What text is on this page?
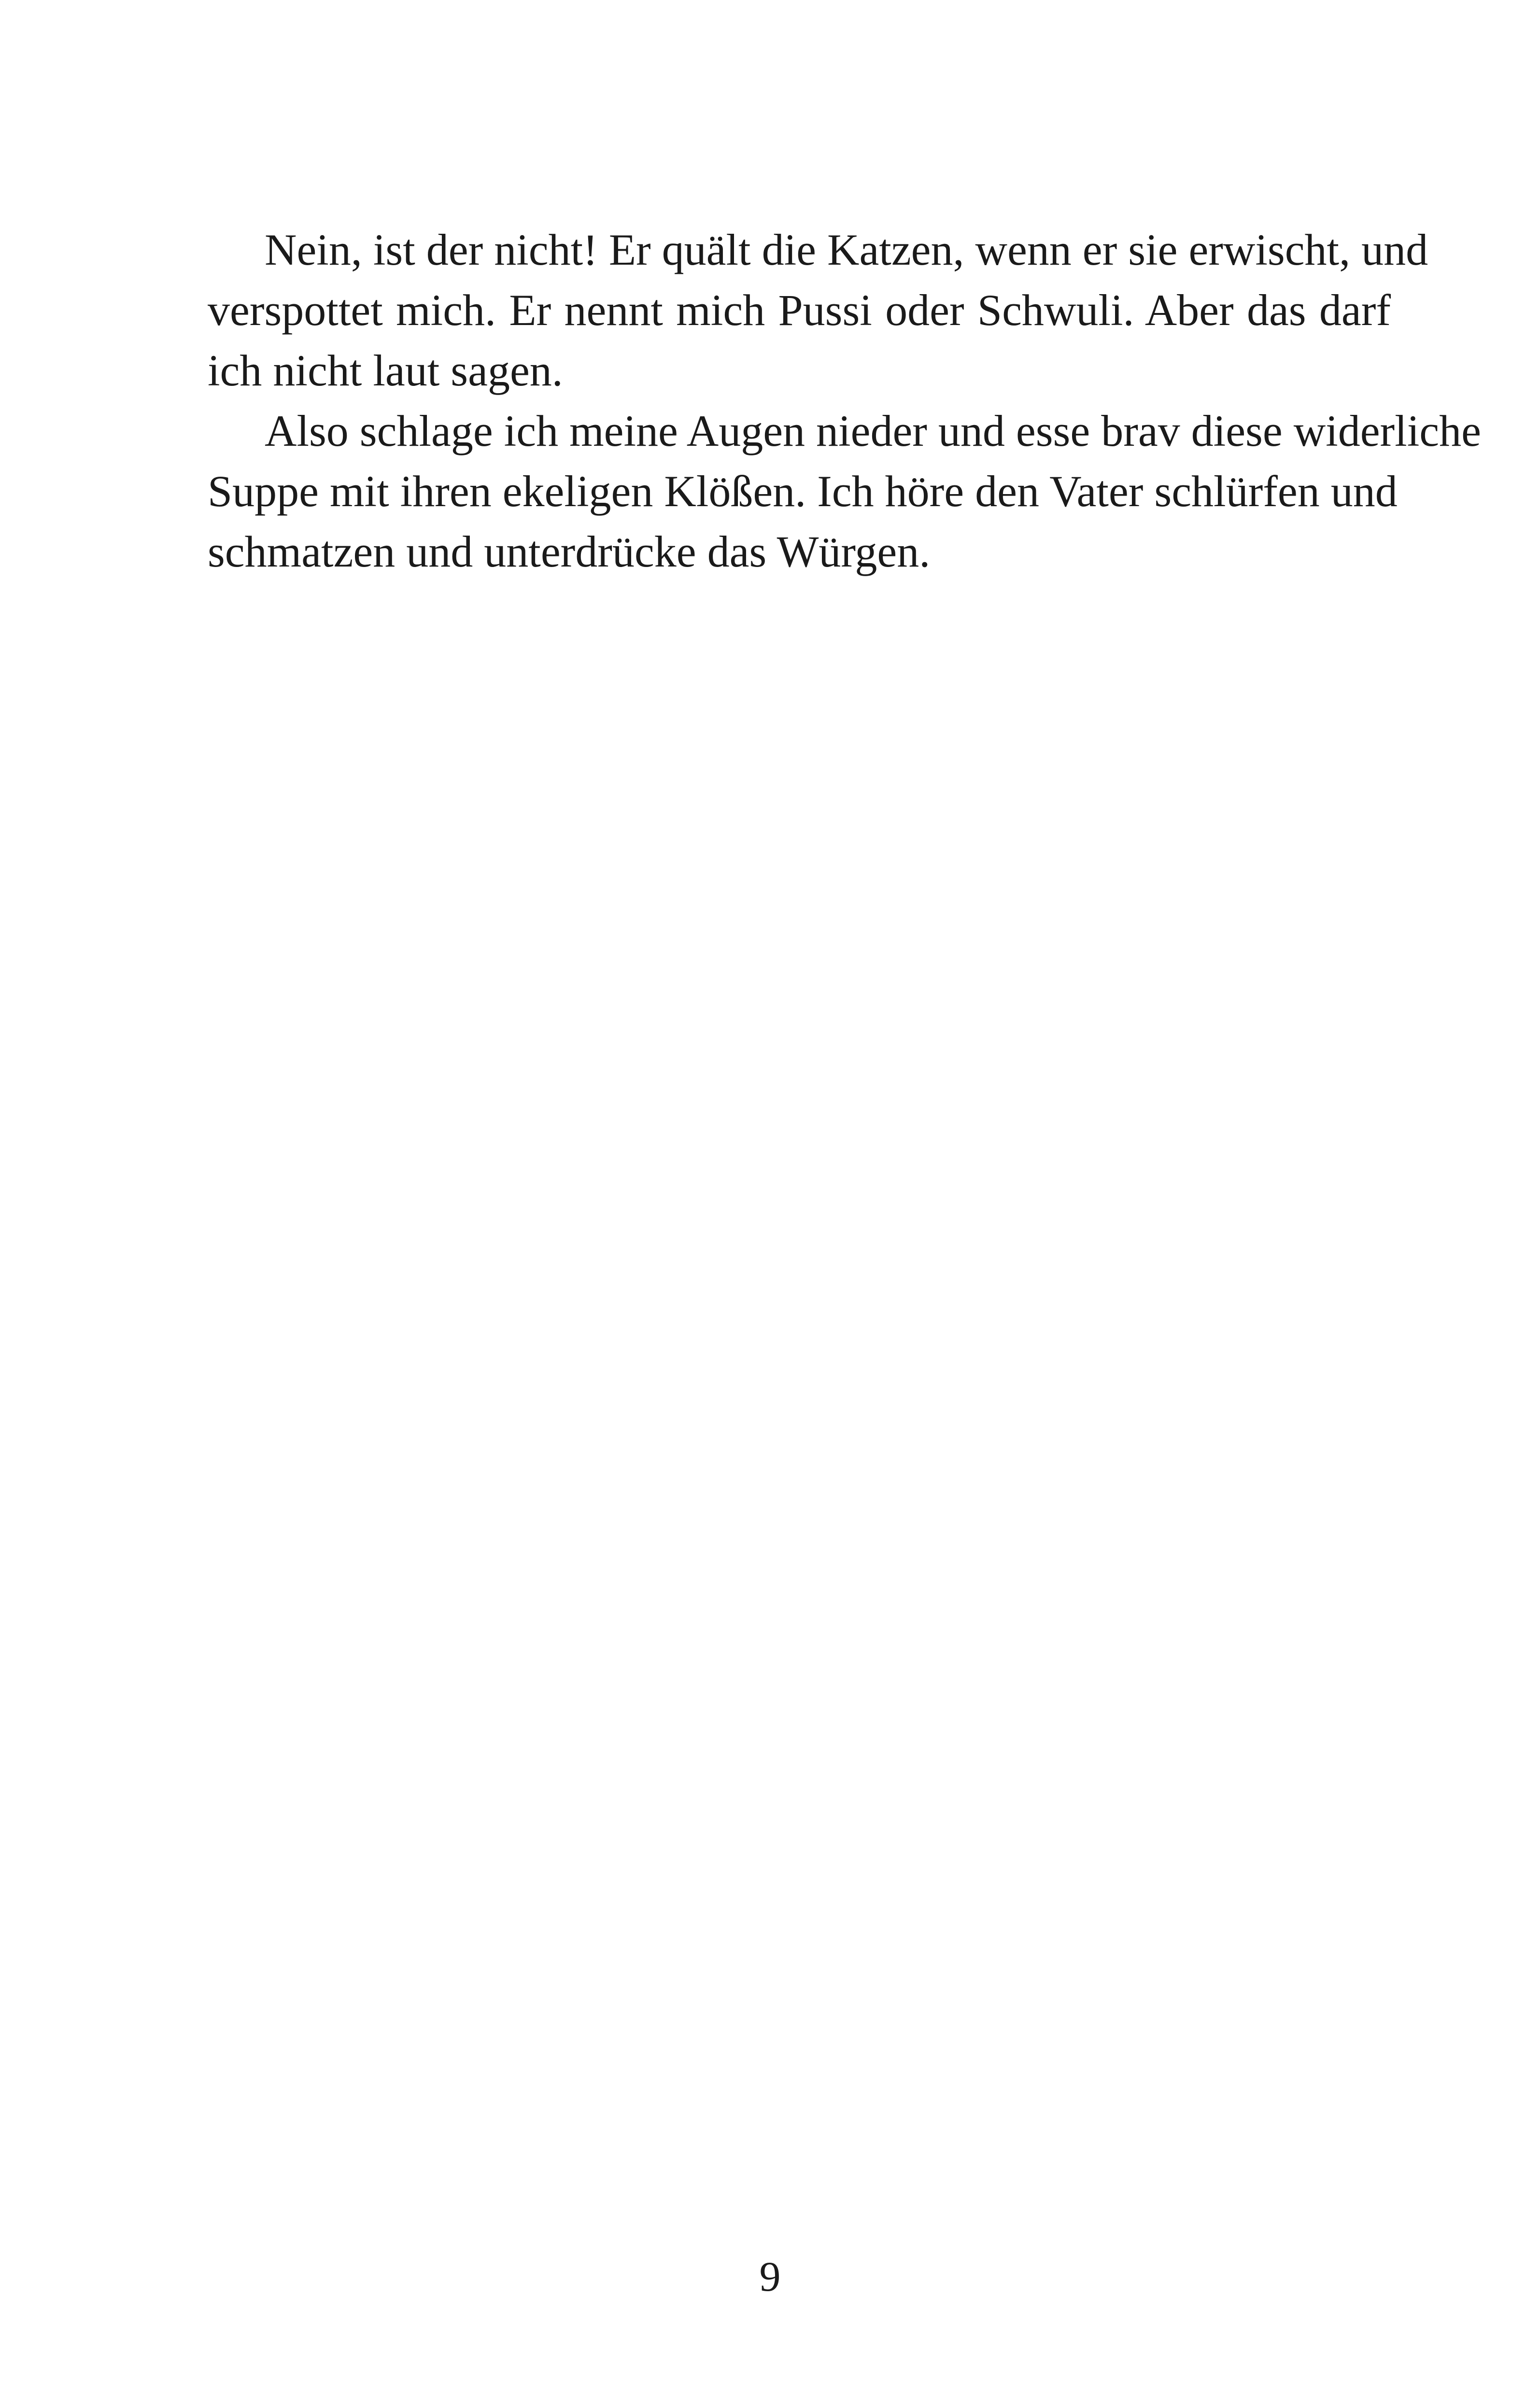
Nein, ist der nicht! Er quält die Katzen, wenn er sie erwischt, und
verspottet mich. Er nennt mich Pussi oder Schwuli. Aber das darf
ich nicht laut sagen.
Also schlage ich meine Augen nieder und esse brav diese widerliche
Suppe mit ihren ekeligen Klößen. Ich höre den Vater schlürfen und
schmatzen und unterdrücke das Würgen.
9
